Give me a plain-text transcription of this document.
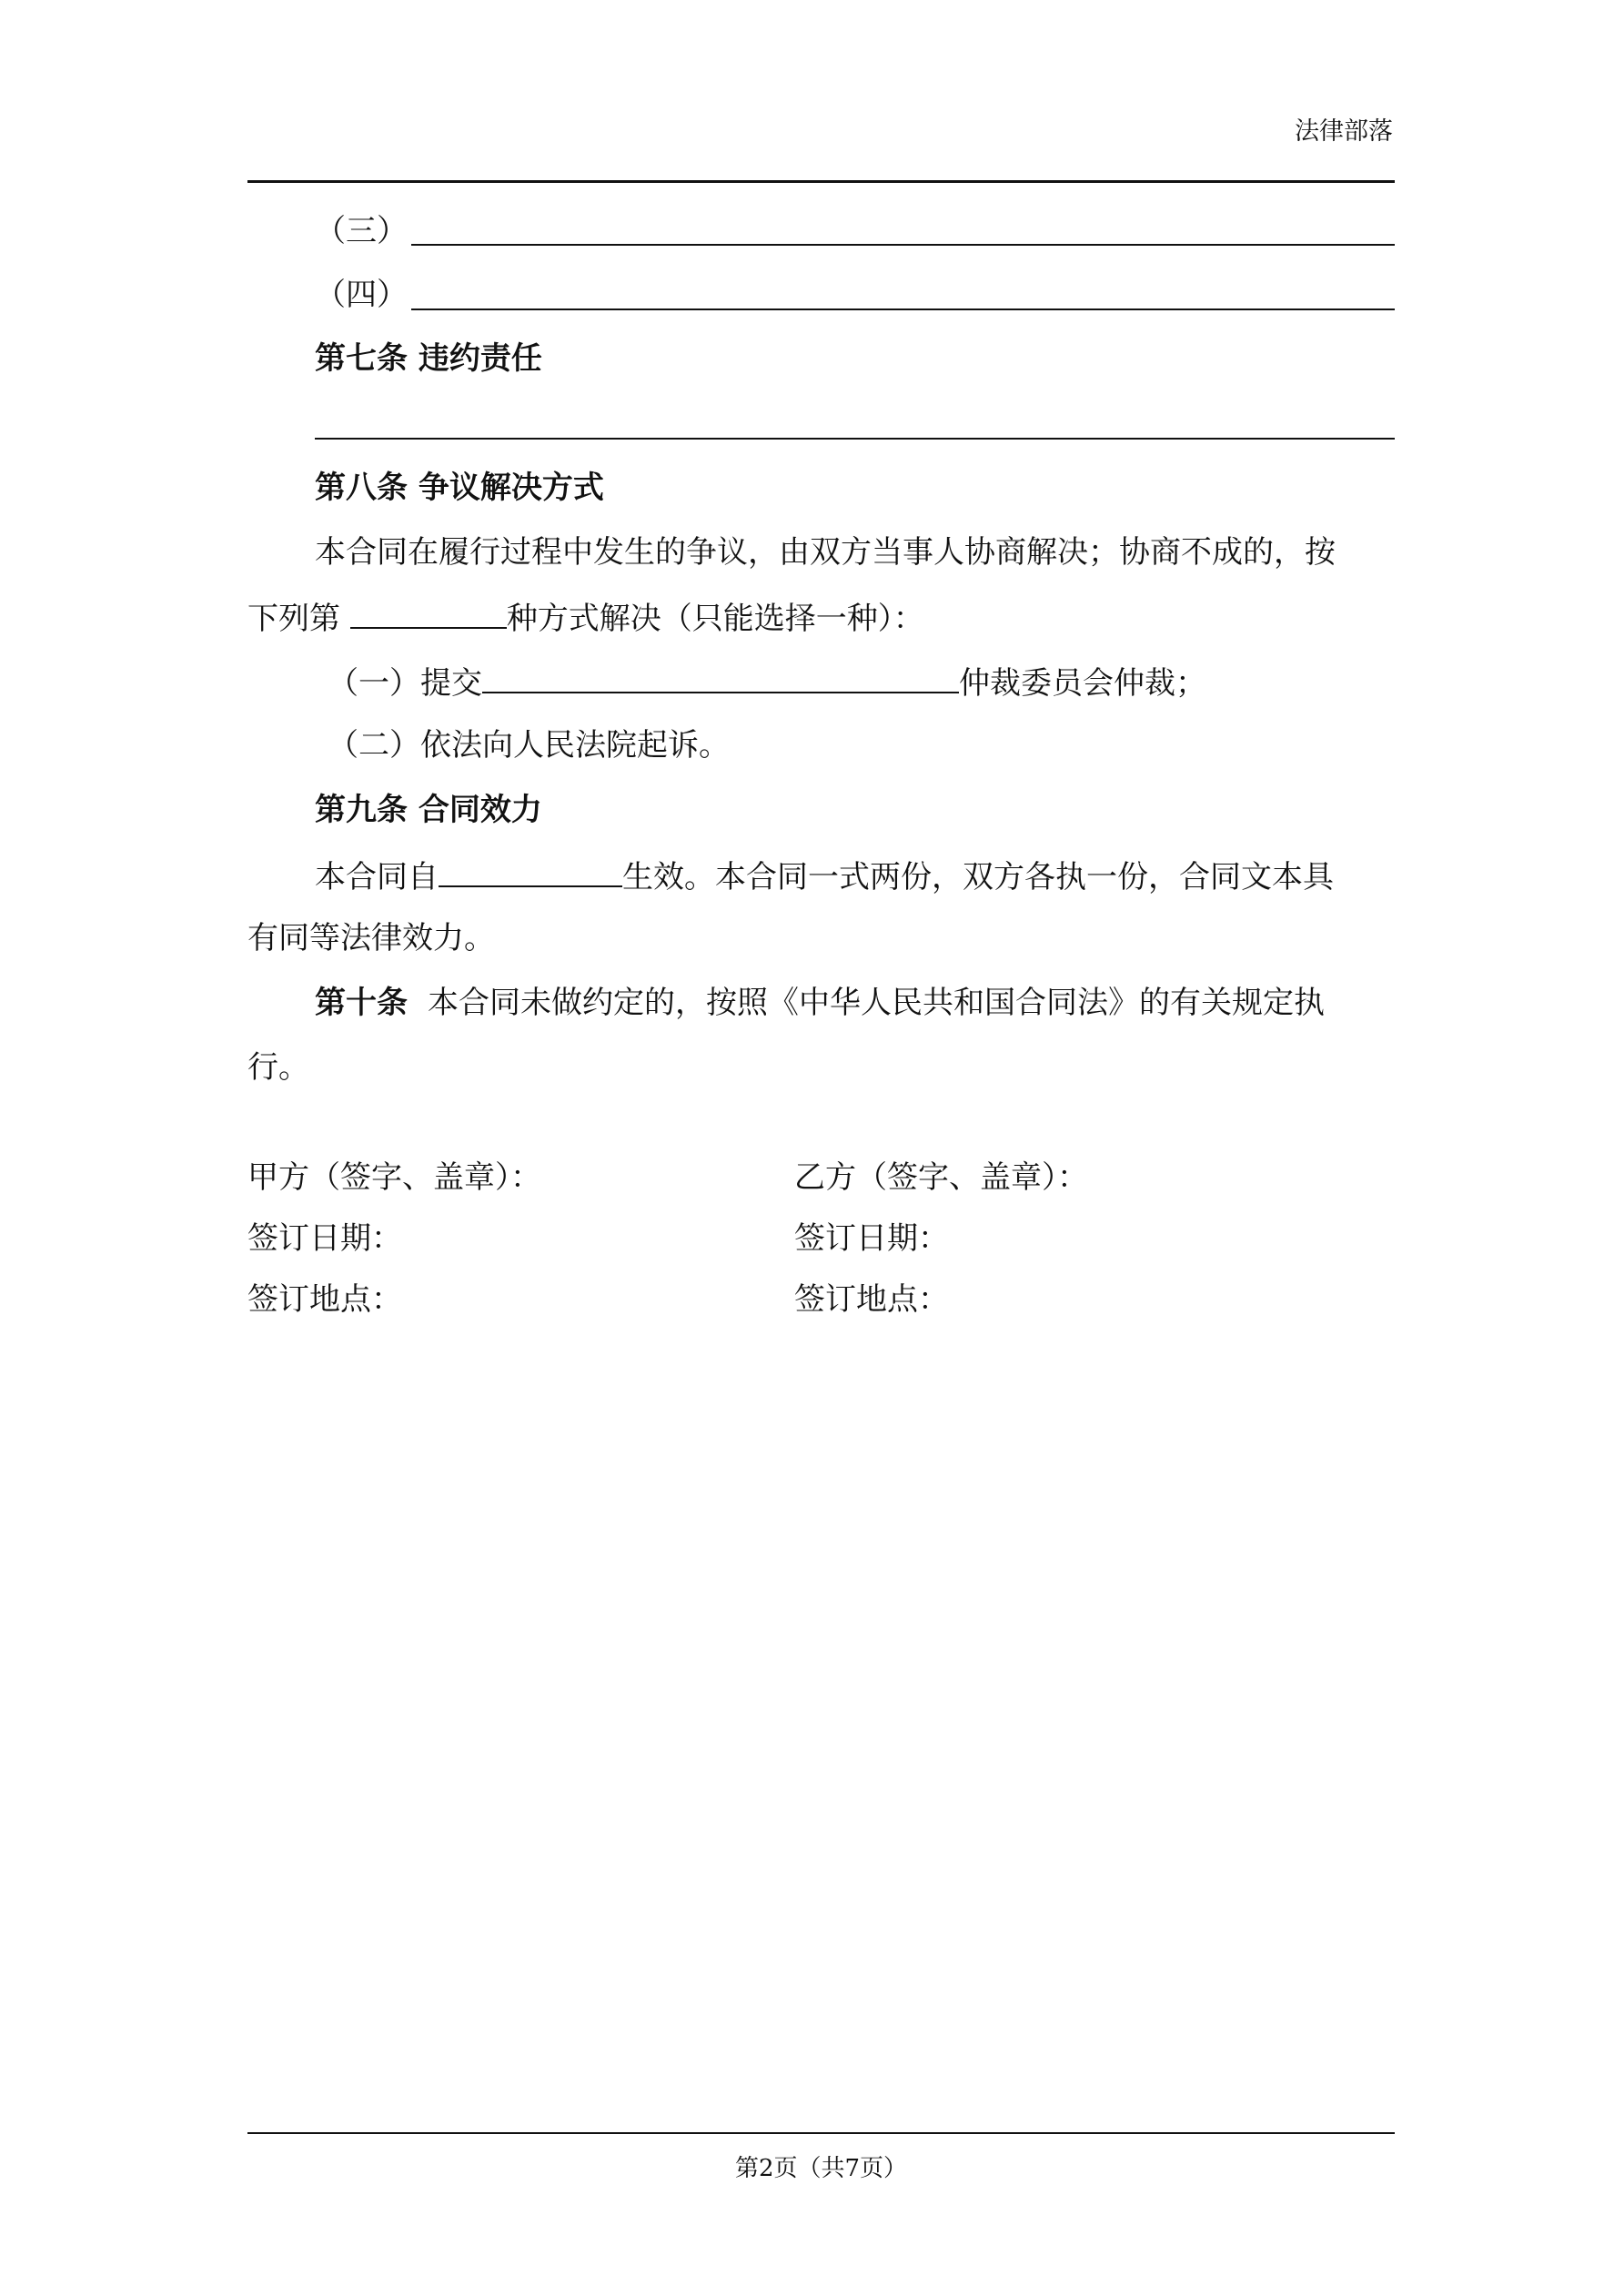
法律部落
（三）
（四）
第七条 违约责任
第八条 争议解决方式
本合同在履行过程中发生的争议，由双方当事人协商解决；协商不成的，按
下列第	种方式解决（只能选择一种）：
（一）提交	仲裁委员会仲裁；
（二）依法向人民法院起诉。
第九条 合同效力
本合同自	生效。本合同一式两份，双方各执一份，合同文本具
有同等法律效力。
第十条 本合同未做约定的，按照《中华人民共和国合同法》的有关规定执
行。
甲方（签字、盖章）：	乙方（签字、盖章）：
签订日期：	签订日期：
签订地点：	签订地点：
第2页（共7页）
